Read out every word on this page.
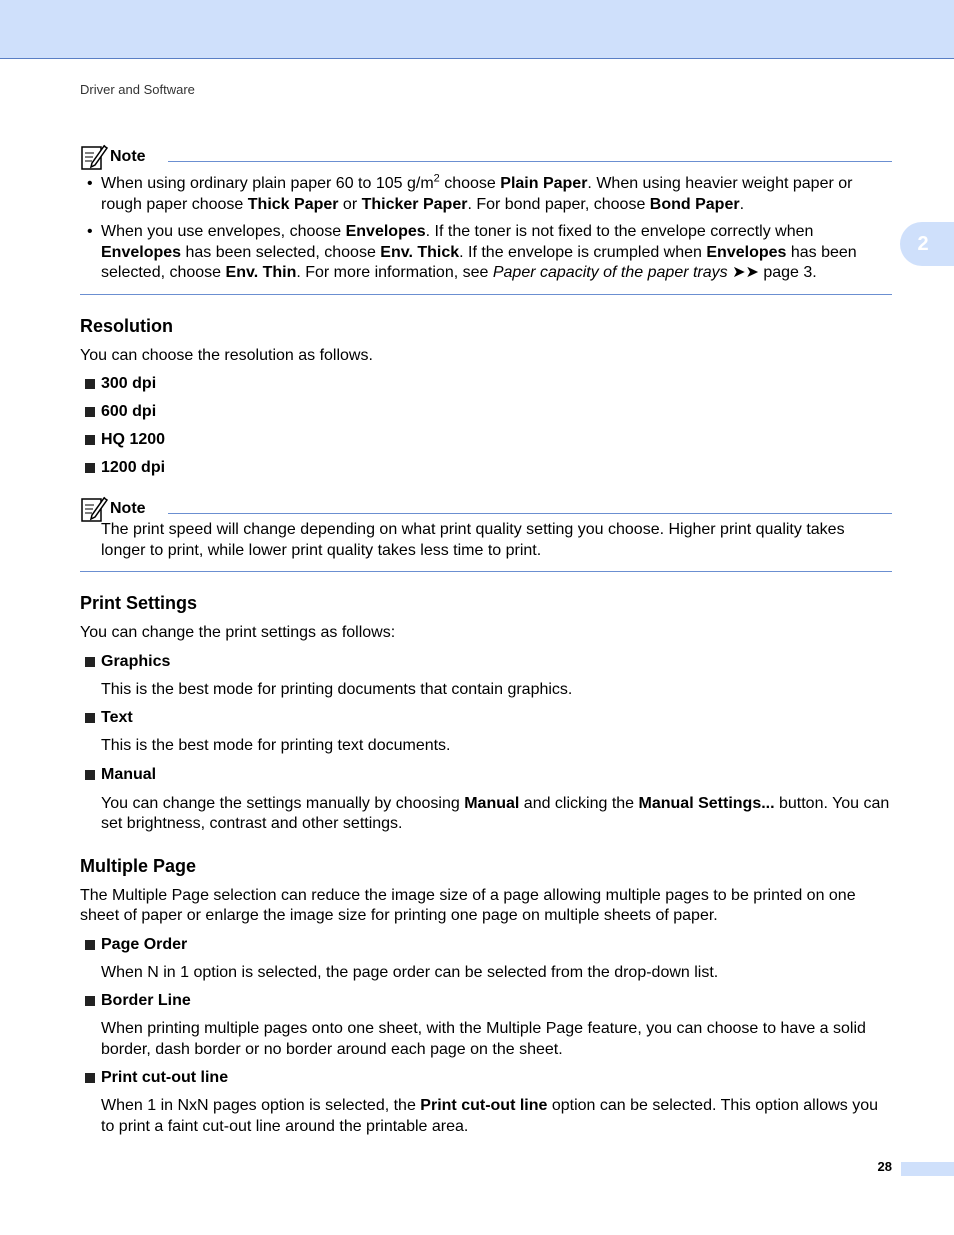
Driver and Software
2
Note
• When using ordinary plain paper 60 to 105 $g/m^2$ choose Plain Paper. When using heavier weight paper or rough paper choose Thick Paper or Thicker Paper. For bond paper, choose Bond Paper.
• When you use envelopes, choose Envelopes. If the toner is not fixed to the envelope correctly when Envelopes has been selected, choose Env. Thick. If the envelope is crumpled when Envelopes has been selected, choose Env. Thin. For more information, see Paper capacity of the paper trays ➤➤ page 3.
Resolution

You can choose the resolution as follows.

300 dpi
600 dpi
HQ 1200
1200 dpi
Note
The print speed will change depending on what print quality setting you choose. Higher print quality takes longer to print, while lower print quality takes less time to print.
Print Settings

You can change the print settings as follows:

Graphics
This is the best mode for printing documents that contain graphics.
Text
This is the best mode for printing text documents.
Manual
You can change the settings manually by choosing Manual and clicking the Manual Settings... button. You can set brightness, contrast and other settings.
Multiple Page

The Multiple Page selection can reduce the image size of a page allowing multiple pages to be printed on one sheet of paper or enlarge the image size for printing one page on multiple sheets of paper.

Page Order
When N in 1 option is selected, the page order can be selected from the drop-down list.
Border Line
When printing multiple pages onto one sheet, with the Multiple Page feature, you can choose to have a solid border, dash border or no border around each page on the sheet.
Print cut-out line
When 1 in NxN pages option is selected, the Print cut-out line option can be selected. This option allows you to print a faint cut-out line around the printable area.
28
